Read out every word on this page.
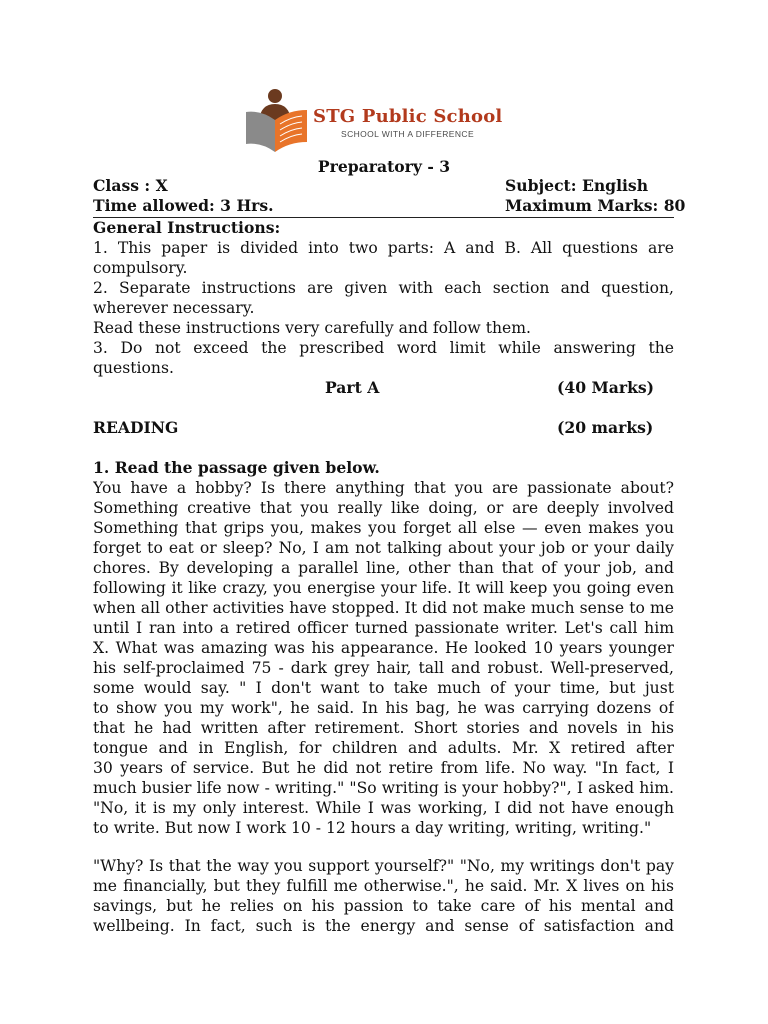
STG Public School
SCHOOL WITH A DIFFERENCE
Preparatory - 3
Class : X	Subject: English
Time allowed: 3 Hrs.	Maximum Marks: 80

General Instructions:

1. This paper is divided into two parts: A and B. All questions are compulsory.

2. Separate instructions are given with each section and question, wherever necessary.

Read these instructions very carefully and follow them.

3. Do not exceed the prescribed word limit while answering the questions.

Part A	(40 Marks)
READING	(20 marks)
1. Read the passage given below.
You have a hobby? Is there anything that you are passionate about?
Something creative that you really like doing, or are deeply involved
Something that grips you, makes you forget all else — even makes you
forget to eat or sleep? No, I am not talking about your job or your daily
chores. By developing a parallel line, other than that of your job, and
following it like crazy, you energise your life. It will keep you going even
when all other activities have stopped. It did not make much sense to me
until I ran into a retired officer turned passionate writer. Let's call him
X. What was amazing was his appearance. He looked 10 years younger
his self-proclaimed 75 - dark grey hair, tall and robust. Well-preserved,
some would say. " I don't want to take much of your time, but just
to show you my work", he said. In his bag, he was carrying dozens of
that he had written after retirement. Short stories and novels in his
tongue and in English, for children and adults. Mr. X retired after
30 years of service. But he did not retire from life. No way. "In fact, I
much busier life now - writing." "So writing is your hobby?", I asked him.
"No, it is my only interest. While I was working, I did not have enough
to write. But now I work 10 - 12 hours a day writing, writing, writing."
"Why? Is that the way you support yourself?" "No, my writings don't pay
me financially, but they fulfill me otherwise.", he said. Mr. X lives on his
savings, but he relies on his passion to take care of his mental and
wellbeing. In fact, such is the energy and sense of satisfaction and
